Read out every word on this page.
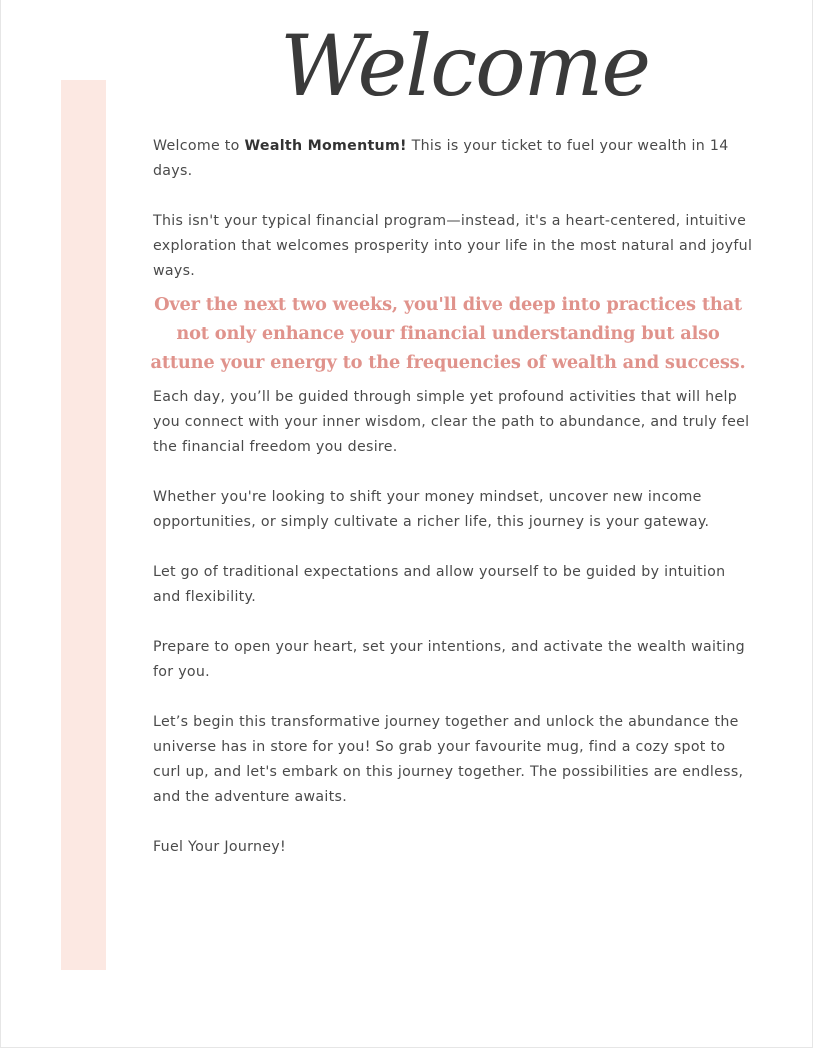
Welcome

Welcome to Wealth Momentum! This is your ticket to fuel your wealth in 14 days.

This isn't your typical financial program—instead, it's a heart-centered, intuitive exploration that welcomes prosperity into your life in the most natural and joyful ways.

Over the next two weeks, you'll dive deep into practices that not only enhance your financial understanding but also attune your energy to the frequencies of wealth and success.

Each day, you’ll be guided through simple yet profound activities that will help you connect with your inner wisdom, clear the path to abundance, and truly feel the financial freedom you desire.

Whether you're looking to shift your money mindset, uncover new income opportunities, or simply cultivate a richer life, this journey is your gateway.

Let go of traditional expectations and allow yourself to be guided by intuition and flexibility.

Prepare to open your heart, set your intentions, and activate the wealth waiting for you.

Let’s begin this transformative journey together and unlock the abundance the universe has in store for you! So grab your favourite mug, find a cozy spot to curl up, and let's embark on this journey together. The possibilities are endless, and the adventure awaits.

Fuel Your Journey!
